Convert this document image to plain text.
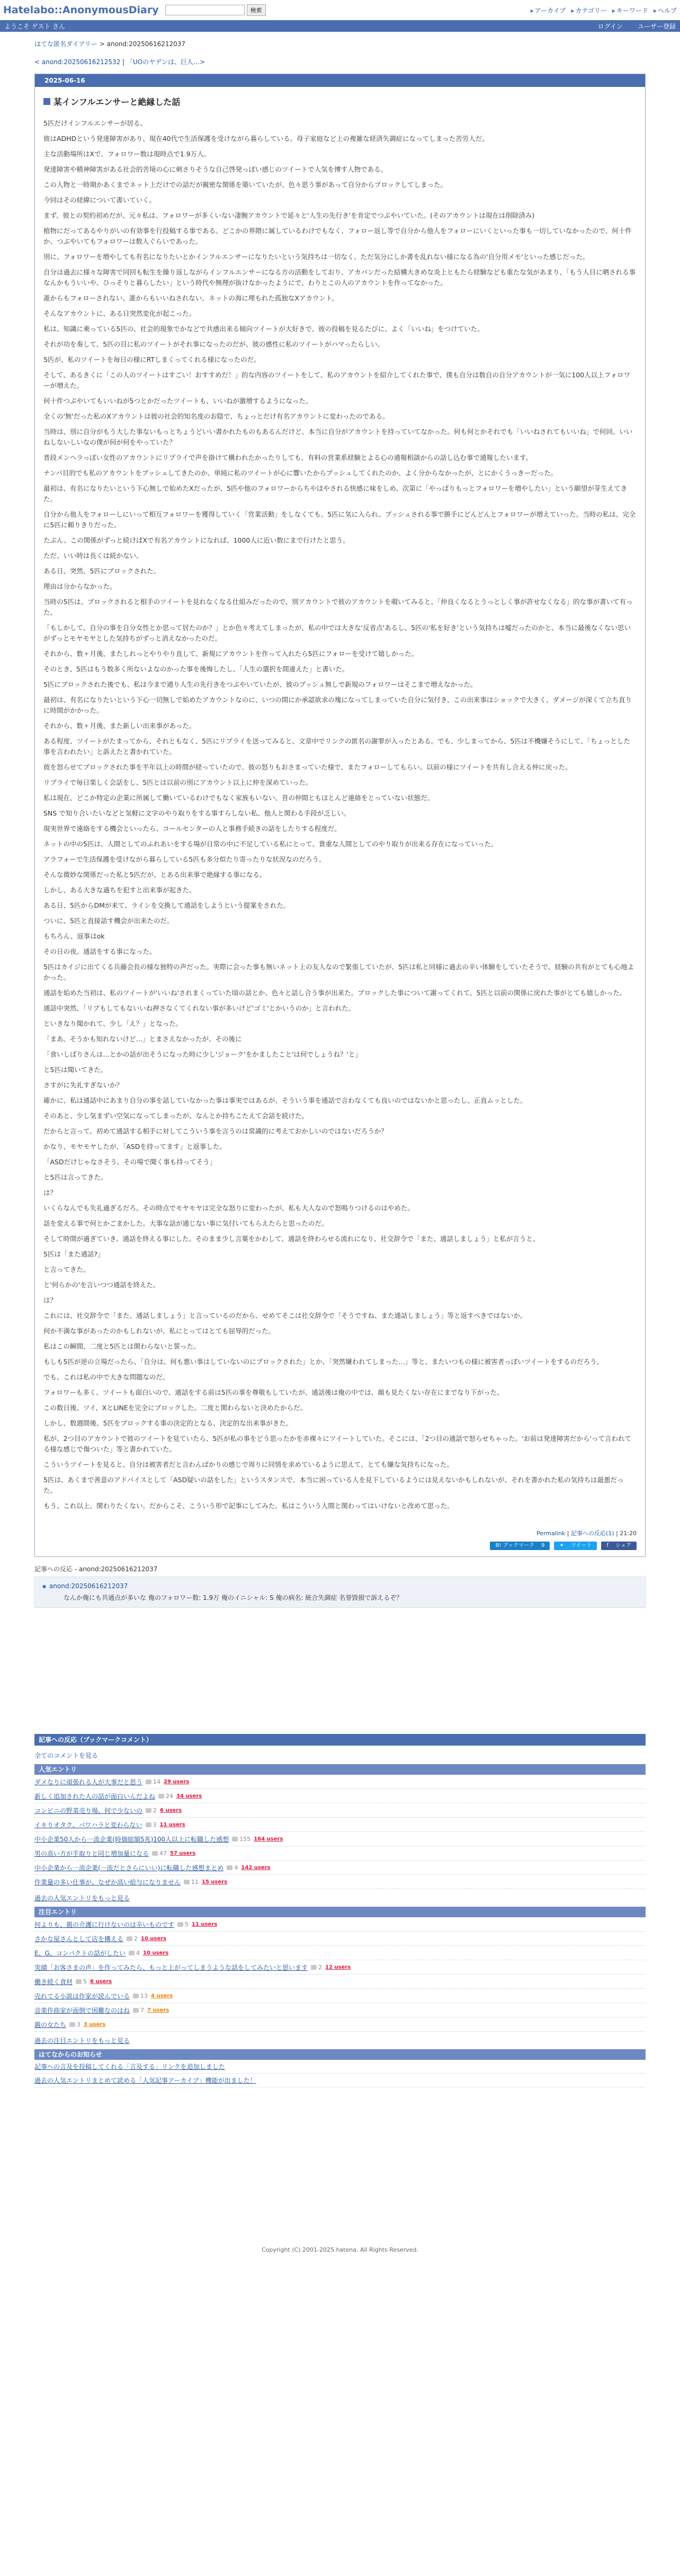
Hatelabo::AnonymousDiary	検索	▸ アーカイブ	▸ カテゴリー	▸ キーワード	▸ ヘルプ
ようこそ ゲスト さん	ログイン ユーザー登録
はてな匿名ダイアリー > anond:20250616212037
< anond:20250616212532 | 「UOのヤデンは、巨人…>
2025-06-16
某インフルエンサーと絶縁した話

5匹だけインフルエンサーが居る。

彼はADHDという発達障害があり、現在40代で生活保護を受けながら暮らしている。母子家庭など上の複雑な経済失調症になってしまった苦労人だ。

主な活動場所はXで、フォロワー数は現時点で1.9万人。

発達障害や精神障害がある社会的苦境の心に刺さりそうな自己啓発っぽい感じのツイートで人気を博す人物である。

この人物と一時期かあくまでネット上だけでの話だが親密な関係を築いていたが、色々思う事があって自分からブロックしてしまった。

今回はその経緯について書いていく。

まず、彼との契約初めだが、元々私は、フォロワーが多くいない凄腕アカウントで延々と'人生の先行き'を肯定でつぶやいていた。(そのアカウントは現在は削除済み)

植物にだってあるやりがいの有効事を行投稿する事である。どこかの界隈に属しているわけでもなく、フォロー返し等で自分から他人をフォローにいくといった事も一切していなかったので、何十件か、つぶやいてもフォロワーは数人ぐらいであった。

別に、フォロワーを増やしても有名になりたいとかインフルエンサーになりたいという気持ちは一切なく、ただ気分にしか書を乱れない様になる為の'自分用メモ'といった感じだった。

自分は過去に様々な障害で同回も転生を繰り返しながらインフルエンサーになる方の活動をしており、アカバンだった結構大きめな炎上ヒもたら経験なども重たな気があまり、「もう人目に晒される事なんかもういいや、ひっそりと暮らしたい」という時代や無理が抜けなかったようにで、わりとこの人のアカウントを作ってなかった。

誰からもフォローされない、誰からもいいねされない、ネットの海に埋もれた孤独なXアカウント。

そんなアカウントに、ある日突然変化が起こった。

私は、知識に乗っている5匹の、社会的現象でかなどで共感出来る傾向ツイートが大好きで、彼の投稿を見るたびに、よく「いいね」をつけていた。

それが功を奏して、5匹の目に私のツイートがそれ事になったのだが、彼の感性に私のツイートがハマったらしい。

5匹が、私のツイートを毎日の様にRTしまくってくれる様になったのだ。

そして、あるきくに「この人のツイートはすごい！おすすめだ！」的な内容のツイートをして、私のアカウントを紹介してくれた事で、僕も自分は数自の自分アカウントが一気に100人以上フォロワーが増えた。

何十件つぶやいてもいいねが5つとかだったツイートも、いいねが激増するようになった。

全くの'無'だった私のXアカウントは彼の社会的知名度のお陰で、ちょっとだけ有名アカウントに変わったのである。

当時は、別に自分がもう大した事ないもっとちょうどいい書かれたものもあるんだけど、本当に自分がアカウントを持っていてなかった。何も何とかそれでも「いいねされてもいいね」で何回、いいねしないしいなの僕が何が何をやっていた？

普段メンヘラっぽい女性のアカウントにリプライで声を掛けて構われたかったりしても、有料の営業系経験とよる心の通報相談からの話し込む事で通報したいます。

ナンパ目的でも私のアカウントをプッシュしてきたのか、単純に私のツイートが心に響いたからプッシュしてくれたのか、よく分からなかったが、とにかくうっきーだった。

最初は、有名になりたいという下心無しで始めたXだったが、5匹や他のフォロワーからちやほやされる快感に味をしめ、次第に「やっぱりもっとフォロワーを増やしたい」という願望が芽生えてきた。

自分から他人をフォローしにいって相互フォロワーを獲得していく「営業活動」をしなくても、5匹に気に入られ、プッシュされる事で勝手にどんどんとフォロワーが増えていった。当時の私は、完全に5匹に頼りきりだった。

たぶん、この関係がずっと続けばXで有名アカウントになれば、1000人に近い数にまで行けたと思う。

ただ、いい時は長くは続かない。

ある日、突然、5匹にブロックされた。

理由は分からなかった。

当時の5匹は、ブロックされると相手のツイートを見れなくなる仕組みだったので、別アカウントで彼のアカウントを覗いてみると、「仲良くなるとうっとしく事が許せなくなる」的な事が書いて有った。

「もしかして、自分の事を自分女性とか思って居たのか？」とか色々考えてしまったが、私の中では大きな'反省点'あるし、5匹の'私を好き'という気持ちは嘘だったのかと、本当に最後なくない思いがずっとモヤモヤとした気持ちがずっと消えなかったのだ。

それから、数ヶ月後、またしれっとやりやり直して、新規にアカウントを作って入れたら5匹にフォローを受けて嬉しかった。

そのとき、5匹はもう数多く所ないよなのかった事を後悔したし、「人生の選択を間違えた」と書いた。

5匹にブロックされた後でも、私は今まで通り人生の先行きをつぶやいていたが、彼のプッシュ無しで新規のフォロワーはそこまで増えなかった。

最初は、有名になりたいという下心一切無しで始めたアカウントなのに、いつの間にか承認欲求の塊になってしまっていた自分に気付き、この出来事はショックで大きく、ダメージが深くて立ち直りに時間がかかった。

それから、数ヶ月後、また新しい出来事があった。

ある程度、ツイートがたまってから、それともなく、5匹にリプライを送ってみると、文章中でリンクの匿名の謝罪が入ったとある。でも、少しまってから、5匹は不機嫌そうにして、「ちょっとした事を言われたい」と訴えたと書かれていた。

彼を怒らせてブロックされた事を半年以上の時間が経っていたので、彼の怒りもおさまっていた様で、またフォローしてもらい、以前の様にツイートを共有し合える仲に戻った。

リプライで毎日楽しく会話をし、5匹とは以前の別にアカウント以上に仲を深めていった。

私は現在、どこか特定の企業に所属して働いているわけでもなく家族もいない、昔の仲間ともほとんど連絡をとっていない状態だ。

SNS で知り合いたいなどと気軽に文字のやり取りをする事すらしない私、他人と関わる手段が乏しい。

現実世界で連絡をする機会といったら、コールセンターの人と事務手続きの話をしたりする程度だ。

ネットの中の5匹は、人間としてのふれあいをする場が日常の中に不足している私にとって、貴重な人間としてのやり取りが出来る存在になっていった。

アラフォーで生活保護を受けながら暮らしている5匹も多分似たり寄ったりな状況なのだろう。

そんな微妙な関係だった私と5匹だが、とある出来事で絶縁する事になる。

しかし、ある大きな過ちを犯すと出来事が起きた。

ある日、5匹からDMが来て、ラインを交換して通話をしようという提案をされた。

ついに、5匹と直接話す機会が出来たのだ。

もちろん、返事はok

その日の夜、通話をする事になった。

5匹はカイジに出てくる兵藤会長の様な独特の声だった。実際に会った事も無いネット上の友人なので緊張していたが、5匹は私と同様に過去の辛い体験をしていたそうで、経験の共有がとても心地よかった。

通話を始めた当初は、私のツイートが'いいね'されまくっていた頃の話とか、色々と話し合う事が出来た。ブロックした事について謝ってくれて、5匹と以前の関係に戻れた事がとても嬉しかった。

通話中突然、「リプもしてもないいね押さなくてくれない事が多いけど'ゴミ'とかいうのか」と言われた。

といきなり聞かれて、少し「え？」となった。

「まあ、そうかも知れないけど…」とまさえなかったが、その後に

「食いしばりさんは…とかの話が出そうになった時に少し'ジョーク'をかましたこと'は何でしょうね？'と」

と5匹は聞いてきた。

さすがに失礼すぎないか？

確かに、私は通話中にあまり自分の事を話していなかった事は事実ではあるが、そういう事を通話で言わなくても良いのではないかと思ったし、正直ムッとした。

そのあと、少し気まずい空気になってしまったが、なんとか持ちこたえて会話を続けた。

だからと言って、初めて通話する相手に対してこういう事を言うのは常識的に考えておかしいのではないだろうか？

かなり、モヤモヤしたが、「ASDを持ってます」と返事した。

「ASDだけじゃなさそう。その場で聞く事も持ってそう」

と5匹は言ってきた。

は？

いくらなんでも失礼過ぎるだろ。その時点でモヤモヤは完全な怒りに変わったが、私も大人なので怒鳴りつけるのはやめた。

話を変える事で何とかごまかした。大事な話が通じない事に気付いてもらえたらと思ったのだ。

そして時間が過ぎていき、通話を終える事にした。そのまま少し言葉をかわして、通話を終わらせる流れになり、社交辞令で「また、通話しましょう」と私が言うと、

5匹は「また通話?」

と言ってきた。

と'何らかの'を言いつつ通話を終えた。

は？

これには、社交辞令で「また、通話しましょう」と言っているのだから、せめてそこは社交辞令で「そうですね、また通話しましょう」等と返すべきではないか。

何か不満な事があったのかもしれないが、私にとってはとても屈辱的だった。

私はこの瞬間、二度と5匹とは関わらないと誓った。

もしも5匹が逆の立場だったら、「自分は、何も悪い事はしていないのにブロックされた」とか、「突然嫌われてしまった…」等と、またいつもの様に被害者っぽいツイートをするのだろう。

でも、これは私の中で大きな問題なのだ。

フォロワーも多く、ツイートも面白いので、通話をする前は5匹の事を尊敬もしていたが、通話後は俺の中では、顔も見たくない存在にまでなり下がった。

この数日後、ツイ、XとLINEを完全にブロックした。二度と関わらないと決めたからだ。

しかし、数週間後、5匹をブロックする事の決定的となる、決定的な出来事がきた。

私が、2つ目のアカウントで彼のツイートを見ていたら、5匹が私の事をどう思ったかを赤裸々にツイートしていた。そこには、「2つ目の通話で怒らせちゃった。'お前は発達障害だから'って言われてる様な感じで傷ついた」等と書かれていた。

こういうツイートを見ると、自分は被害者だと言わんばかりの感じで周りに同情を求めているように思えて、とても嫌な気持ちになった。

5匹は、あくまで善意のアドバイスとして「ASD疑いの話をした」というスタンスで、本当に困っている人を見下しているようには見えないかもしれないが、それを書かれた私の気持ちは最悪だった。

もう、これ以上、関わりたくない。だからこそ、こういう形で記事にしてみた。私はこういう人間と関わってはいけないと改めて思った。

Permalink | 記事への反応(1) | 21:20
B! ブックマーク 9	✦ ツイート	f シェア
記事への反応 - anond:20250616212037
● anond:20250616212037
なんか俺にも共通点が多いな 俺のフォロワー数: 1.9万 俺のイニシャル: S 俺の病名: 統合失調症 名誉毀損で訴えるぞ？
記事への反応（ブックマークコメント）
全てのコメントを見る
人気エントリ
ダメなりに頑張れる人が大事だと思う	14 29 users
新しく追加された人の話が面白いんだよね	24 34 users
コンビニの野菜売り場、何で少ないの	2 6 users
イキりオタク、パワハラと変わらない	3 11 users
中小企業50人から一流企業(時価総額5兆)100人以上に転職した感想	155 164 users
男の高い方が手取りと同じ増加量になる	47 57 users
中小企業から一流企業(一流だとさらにいい)に転職した感想まとめ	4 142 users
作業量の多い仕事が、なぜか高い給与になりません	11 15 users
過去の人気エントリをもっと見る
注目エントリ
何よりも、親の介護に行けないのは辛いものです	5 11 users
さかな屋さんとして店を構える	2 10 users
E、G、コンパクトの話がしたい	4 10 users
実績「お客さまの声」を作ってみたら、もっと上がってしまうような話をしてみたいと思います	2 12 users
働き続く食材	5 6 users
売れてる小説は作家が読んでいる	13 4 users
音楽作曲家が面倒で困難なのはね	7 7 users
親の女たち	3 3 users
過去の注目エントリをもっと見る
はてなからのお知らせ
記事への言及を投稿してくれる「言及する」リンクを追加しました
過去の人気エントリまとめて読める「人気記事アーカイブ」機能が出ました！
Copyright (C) 2001-2025 hatena. All Rights Reserved.
